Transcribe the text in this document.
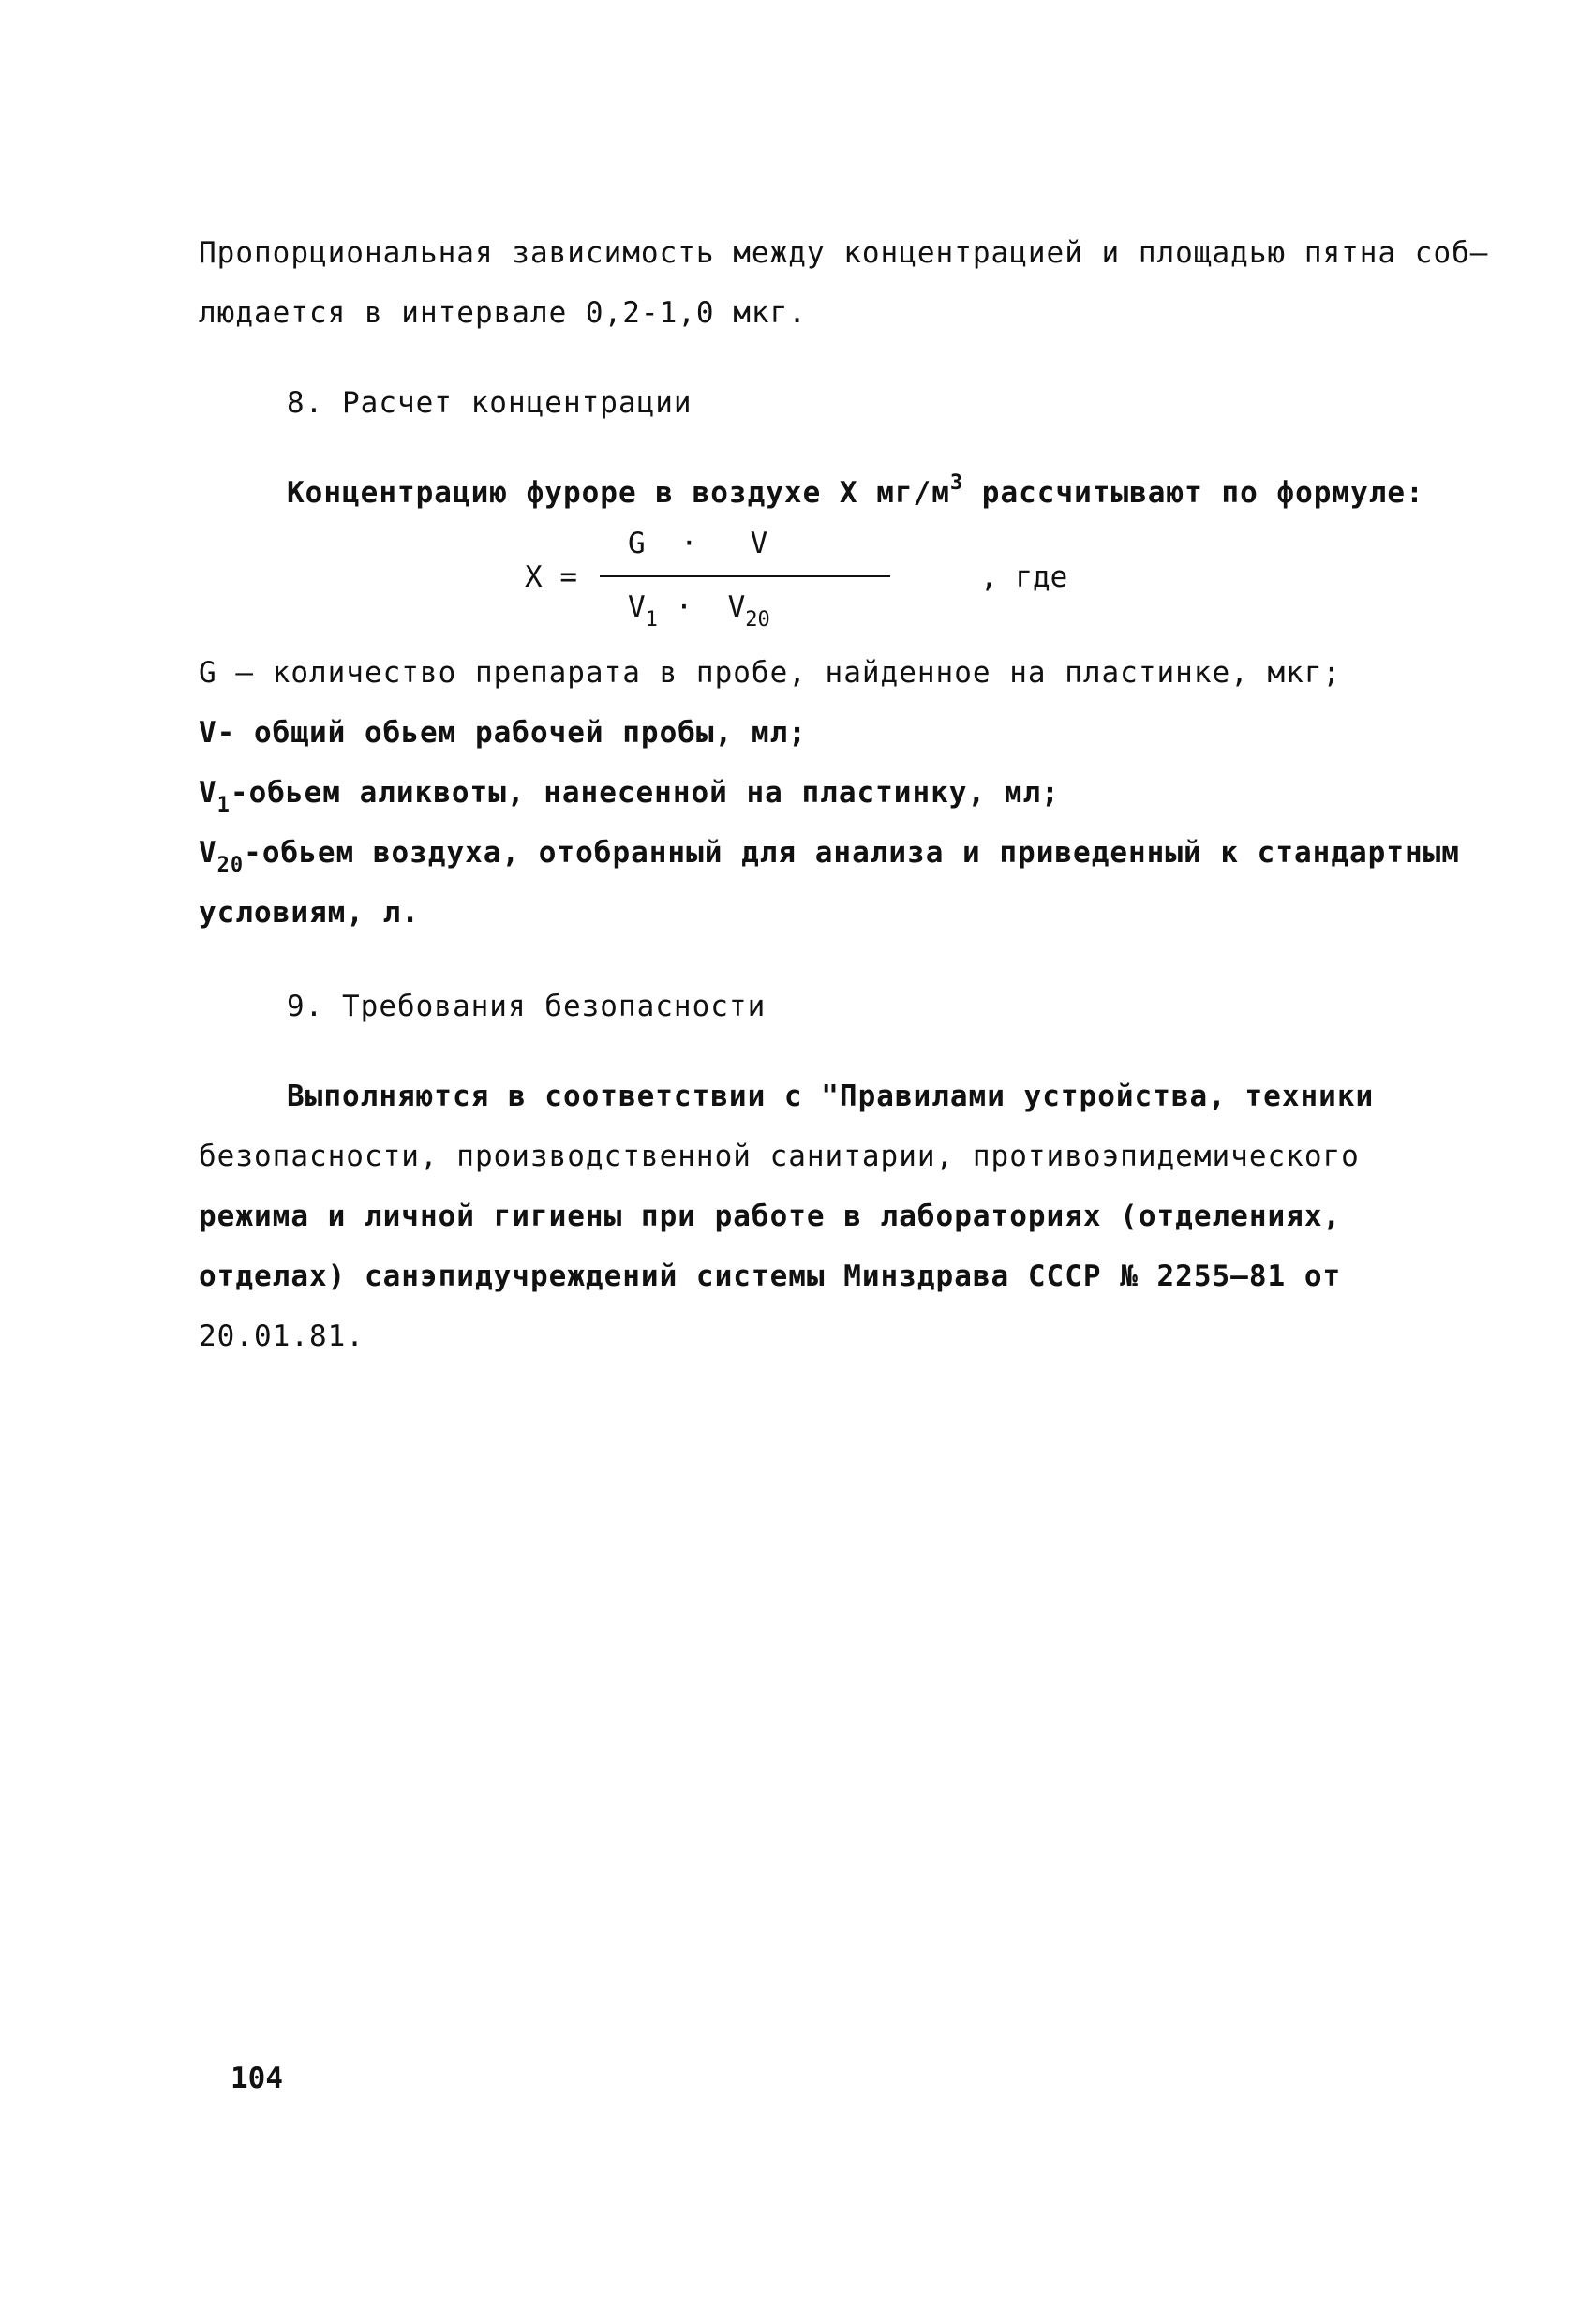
Пропорциональная зависимость между концентрацией и площадью пятна соб–
людается в интервале 0,2-1,0 мкг.
8. Расчет концентрации
Концентрацию фуроре в воздухе X $мг/м^3$ рассчитывают по формуле:
X =
G · V
$V_1 \cdot V_{20}$
, где
G – количество препарата в пробе, найденное на пластинке, мкг;
V- общий обьем рабочей пробы, мл;
$V_1$-обьем аликвоты, нанесенной на пластинку, мл;
$V_{20}$-обьем воздуха, отобранный для анализа и приведенный к стандартным
условиям, л.
9. Требования безопасности
Выполняются в соответствии с "Правилами устройства, техники
безопасности, производственной санитарии, противоэпидемического
режима и личной гигиены при работе в лабораториях (отделениях,
отделах) санэпидучреждений системы Минздрава СССР № 2255–81 от
20.01.81.
104
